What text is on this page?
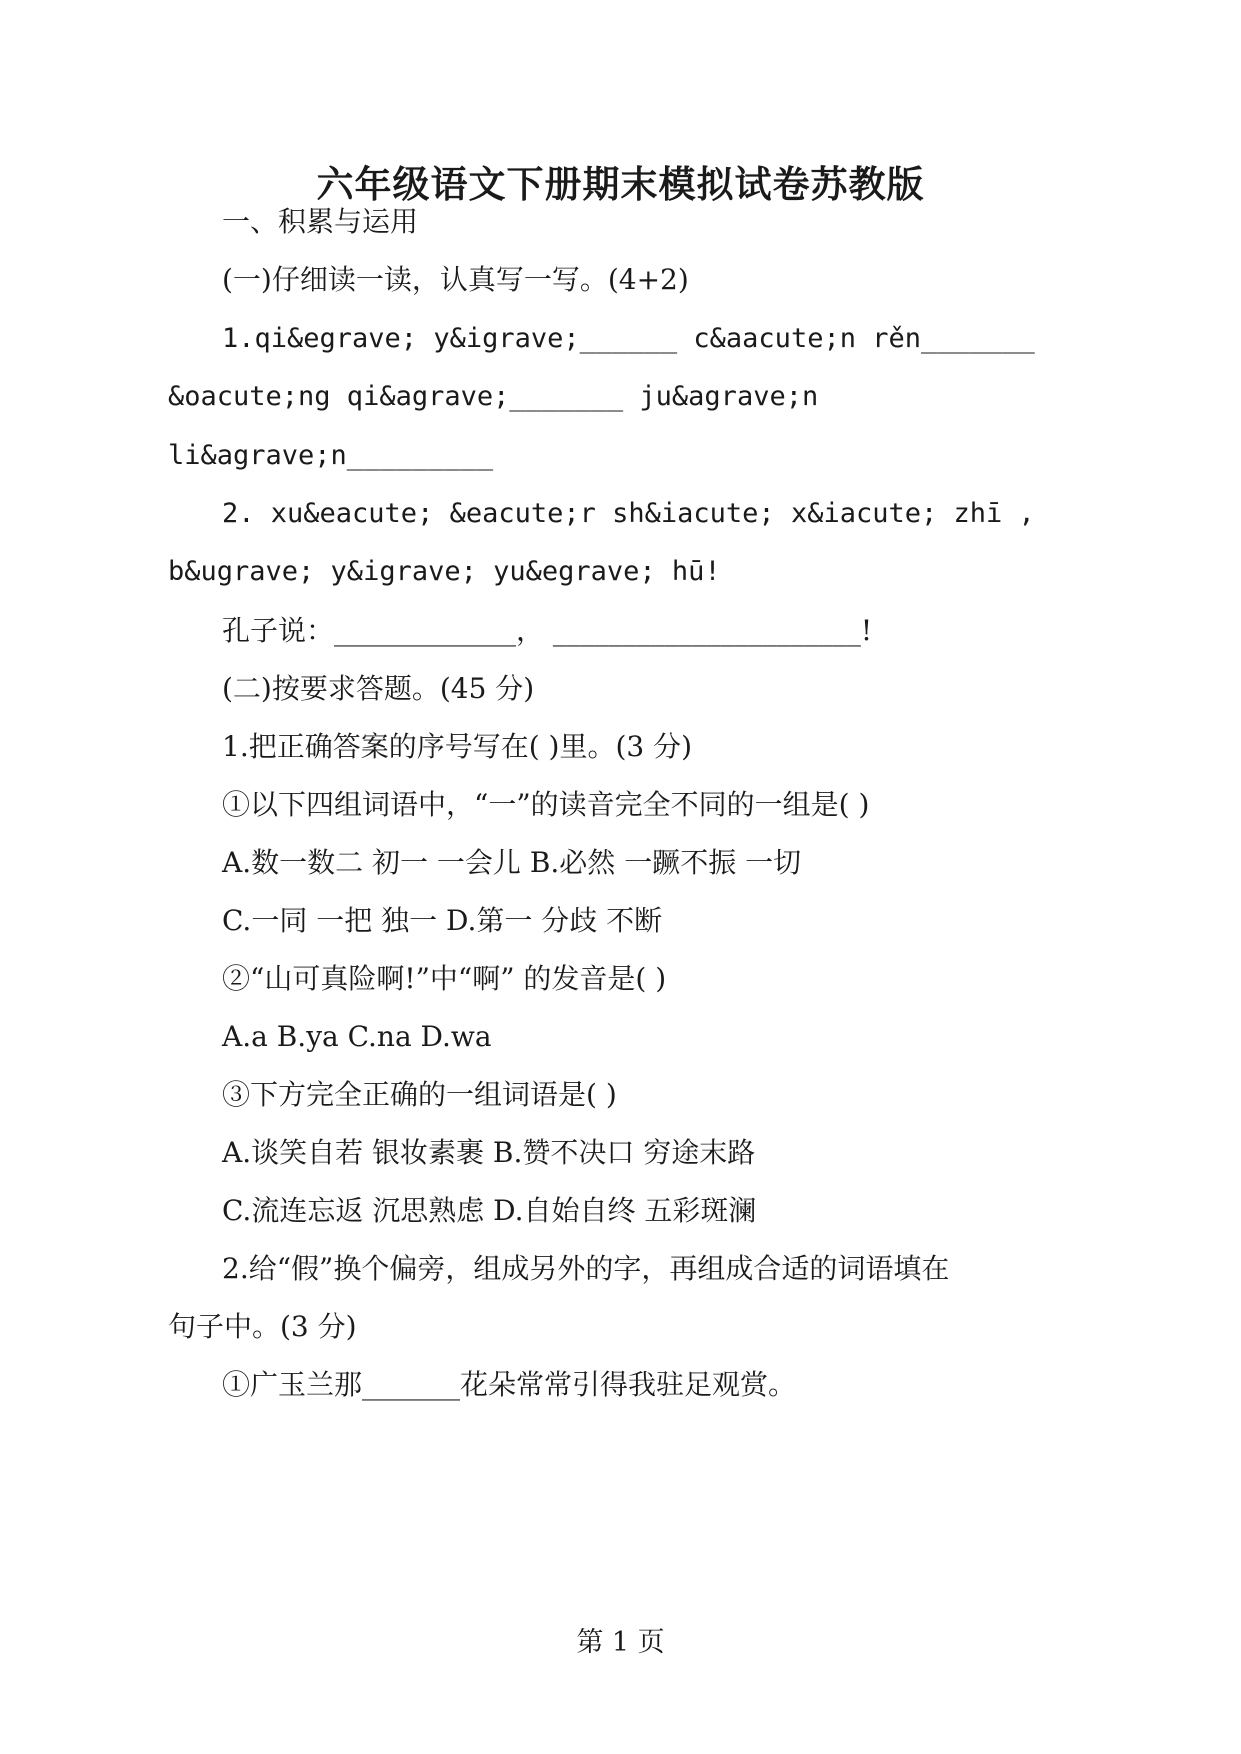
六年级语文下册期末模拟试卷苏教版
一、积累与运用
(一)仔细读一读，认真写一写。(4+2)
1.qi&egrave; y&igrave;______ c&aacute;n rěn_______
&oacute;ng qi&agrave;_______ ju&agrave;n
li&agrave;n_________
2. xu&eacute; &eacute;r sh&iacute; x&iacute; zhī ,
b&ugrave; y&igrave; yu&egrave; hū!
孔子说：_____________， ______________________!
(二)按要求答题。(45 分)
1.把正确答案的序号写在( )里。(3 分)
①以下四组词语中，“一”的读音完全不同的一组是( )
A.数一数二 初一 一会儿 B.必然 一蹶不振 一切
C.一同 一把 独一 D.第一 分歧 不断
②“山可真险啊!”中“啊” 的发音是( )
A.a B.ya C.na D.wa
③下方完全正确的一组词语是( )
A.谈笑自若 银妆素裹 B.赞不决口 穷途末路
C.流连忘返 沉思熟虑 D.自始自终 五彩斑澜
2.给“假”换个偏旁，组成另外的字，再组成合适的词语填在
句子中。(3 分)
①广玉兰那_______花朵常常引得我驻足观赏。
第 1 页
